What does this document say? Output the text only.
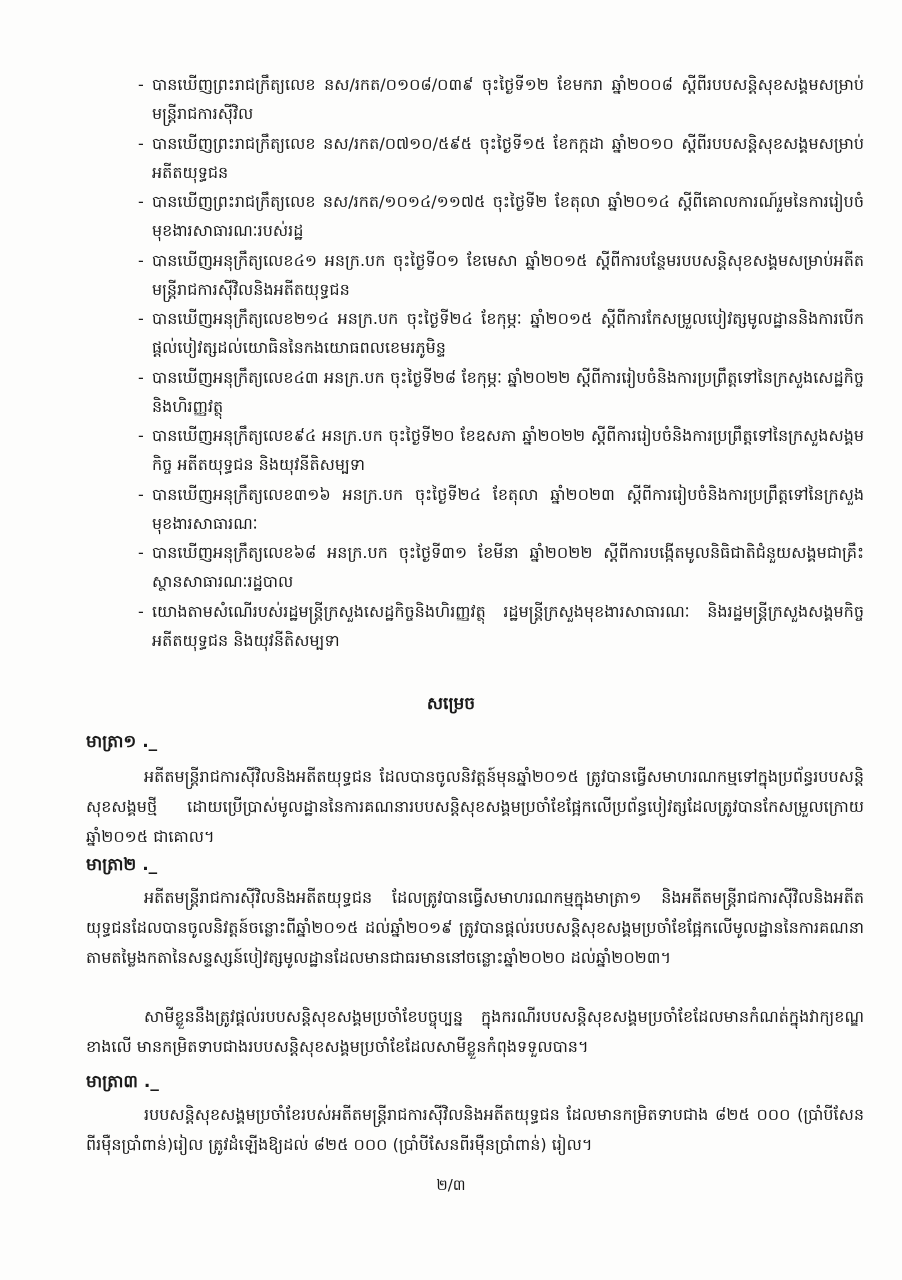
- បានឃើញព្រះរាជក្រឹត្យលេខ នស/រកត/០១០៨/០៣៩ ចុះថ្ងៃទី១២ ខែមករា ឆ្នាំ២០០៨ ស្តីពីរបបសន្តិសុខសង្គមសម្រាប់មន្ត្រីរាជការស៊ីវិល
- បានឃើញព្រះរាជក្រឹត្យលេខ នស/រកត/០៧១០/៥៩៥ ចុះថ្ងៃទី១៥ ខែកក្កដា ឆ្នាំ២០១០ ស្តីពីរបបសន្តិសុខសង្គមសម្រាប់អតីតយុទ្ធជន
- បានឃើញព្រះរាជក្រឹត្យលេខ នស/រកត/១០១៤/១១៧៥ ចុះថ្ងៃទី២ ខែតុលា ឆ្នាំ២០១៤ ស្តីពីគោលការណ៍រួមនៃការរៀបចំមុខងារសាធារណៈរបស់រដ្ឋ
- បានឃើញអនុក្រឹត្យលេខ៤១ អនក្រ.បក ចុះថ្ងៃទី០១ ខែមេសា ឆ្នាំ២០១៥ ស្តីពីការបន្ថែមរបបសន្តិសុខសង្គមសម្រាប់អតីតមន្ត្រីរាជការស៊ីវិលនិងអតីតយុទ្ធជន
- បានឃើញអនុក្រឹត្យលេខ២១៤ អនក្រ.បក ចុះថ្ងៃទី២៤ ខែកុម្ភៈ ឆ្នាំ២០១៥ ស្តីពីការកែសម្រួលបៀវត្សមូលដ្ឋាននិងការបើកផ្តល់បៀវត្សដល់យោធិននៃកងយោធពលខេមរភូមិន្ទ
- បានឃើញអនុក្រឹត្យលេខ៤៣ អនក្រ.បក ចុះថ្ងៃទី២៨ ខែកុម្ភៈ ឆ្នាំ២០២២ ស្តីពីការរៀបចំនិងការប្រព្រឹត្តទៅនៃក្រសួងសេដ្ឋកិច្ចនិងហិរញ្ញវត្ថុ
- បានឃើញអនុក្រឹត្យលេខ៩៤ អនក្រ.បក ចុះថ្ងៃទី២០ ខែឧសភា ឆ្នាំ២០២២ ស្តីពីការរៀបចំនិងការប្រព្រឹត្តទៅនៃក្រសួងសង្គមកិច្ច អតីតយុទ្ធជន និងយុវនីតិសម្បទា
- បានឃើញអនុក្រឹត្យលេខ៣១៦ អនក្រ.បក ចុះថ្ងៃទី២៤ ខែតុលា ឆ្នាំ២០២៣ ស្តីពីការរៀបចំនិងការប្រព្រឹត្តទៅនៃក្រសួងមុខងារសាធារណៈ
- បានឃើញអនុក្រឹត្យលេខ៦៨ អនក្រ.បក ចុះថ្ងៃទី៣១ ខែមីនា ឆ្នាំ២០២២ ស្តីពីការបង្កើតមូលនិធិជាតិជំនួយសង្គមជាគ្រឹះស្ថានសាធារណៈរដ្ឋបាល
- យោងតាមសំណើរបស់រដ្ឋមន្ត្រីក្រសួងសេដ្ឋកិច្ចនិងហិរញ្ញវត្ថុ រដ្ឋមន្ត្រីក្រសួងមុខងារសាធារណៈ និងរដ្ឋមន្ត្រីក្រសួងសង្គមកិច្ច អតីតយុទ្ធជន និងយុវនីតិសម្បទា
សម្រេច
មាត្រា១ ._
អតីតមន្ត្រីរាជការស៊ីវិលនិងអតីតយុទ្ធជន ដែលបានចូលនិវត្តន៍មុនឆ្នាំ២០១៥ ត្រូវបានធ្វើសមាហរណកម្មទៅក្នុងប្រព័ន្ធរបបសន្តិសុខសង្គមថ្មី ដោយប្រើប្រាស់មូលដ្ឋាននៃការគណនារបបសន្តិសុខសង្គមប្រចាំខែផ្អែកលើប្រព័ន្ធបៀវត្សដែលត្រូវបានកែសម្រួលក្រោយឆ្នាំ២០១៥ ជាគោល។
មាត្រា២ ._
អតីតមន្ត្រីរាជការស៊ីវិលនិងអតីតយុទ្ធជន ដែលត្រូវបានធ្វើសមាហរណកម្មក្នុងមាត្រា១ និងអតីតមន្ត្រីរាជការស៊ីវិលនិងអតីតយុទ្ធជនដែលបានចូលនិវត្តន៍ចន្លោះពីឆ្នាំ២០១៥ ដល់ឆ្នាំ២០១៩ ត្រូវបានផ្តល់របបសន្តិសុខសង្គមប្រចាំខែផ្អែកលើមូលដ្ឋាននៃការគណនាតាមតម្លៃងកតានៃសន្ទស្សន៍បៀវត្សមូលដ្ឋានដែលមានជាធរមាននៅចន្លោះឆ្នាំ២០២០ ដល់ឆ្នាំ២០២៣។
សាមីខ្លួននឹងត្រូវផ្តល់របបសន្តិសុខសង្គមប្រចាំខែបច្ចុប្បន្ន ក្នុងករណីរបបសន្តិសុខសង្គមប្រចាំខែដែលមានកំណត់ក្នុងវាក្យខណ្ឌខាងលើ មានកម្រិតទាបជាងរបបសន្តិសុខសង្គមប្រចាំខែដែលសាមីខ្លួនកំពុងទទួលបាន។
មាត្រា៣ ._
របបសន្តិសុខសង្គមប្រចាំខែរបស់អតីតមន្ត្រីរាជការស៊ីវិលនិងអតីតយុទ្ធជន ដែលមានកម្រិតទាបជាង ៨២៥ ០០០ (ប្រាំបីសែនពីរម៉ឺនប្រាំពាន់)រៀល ត្រូវដំឡើងឱ្យដល់ ៨២៥ ០០០ (ប្រាំបីសែនពីរម៉ឺនប្រាំពាន់) រៀល។
២/៣
